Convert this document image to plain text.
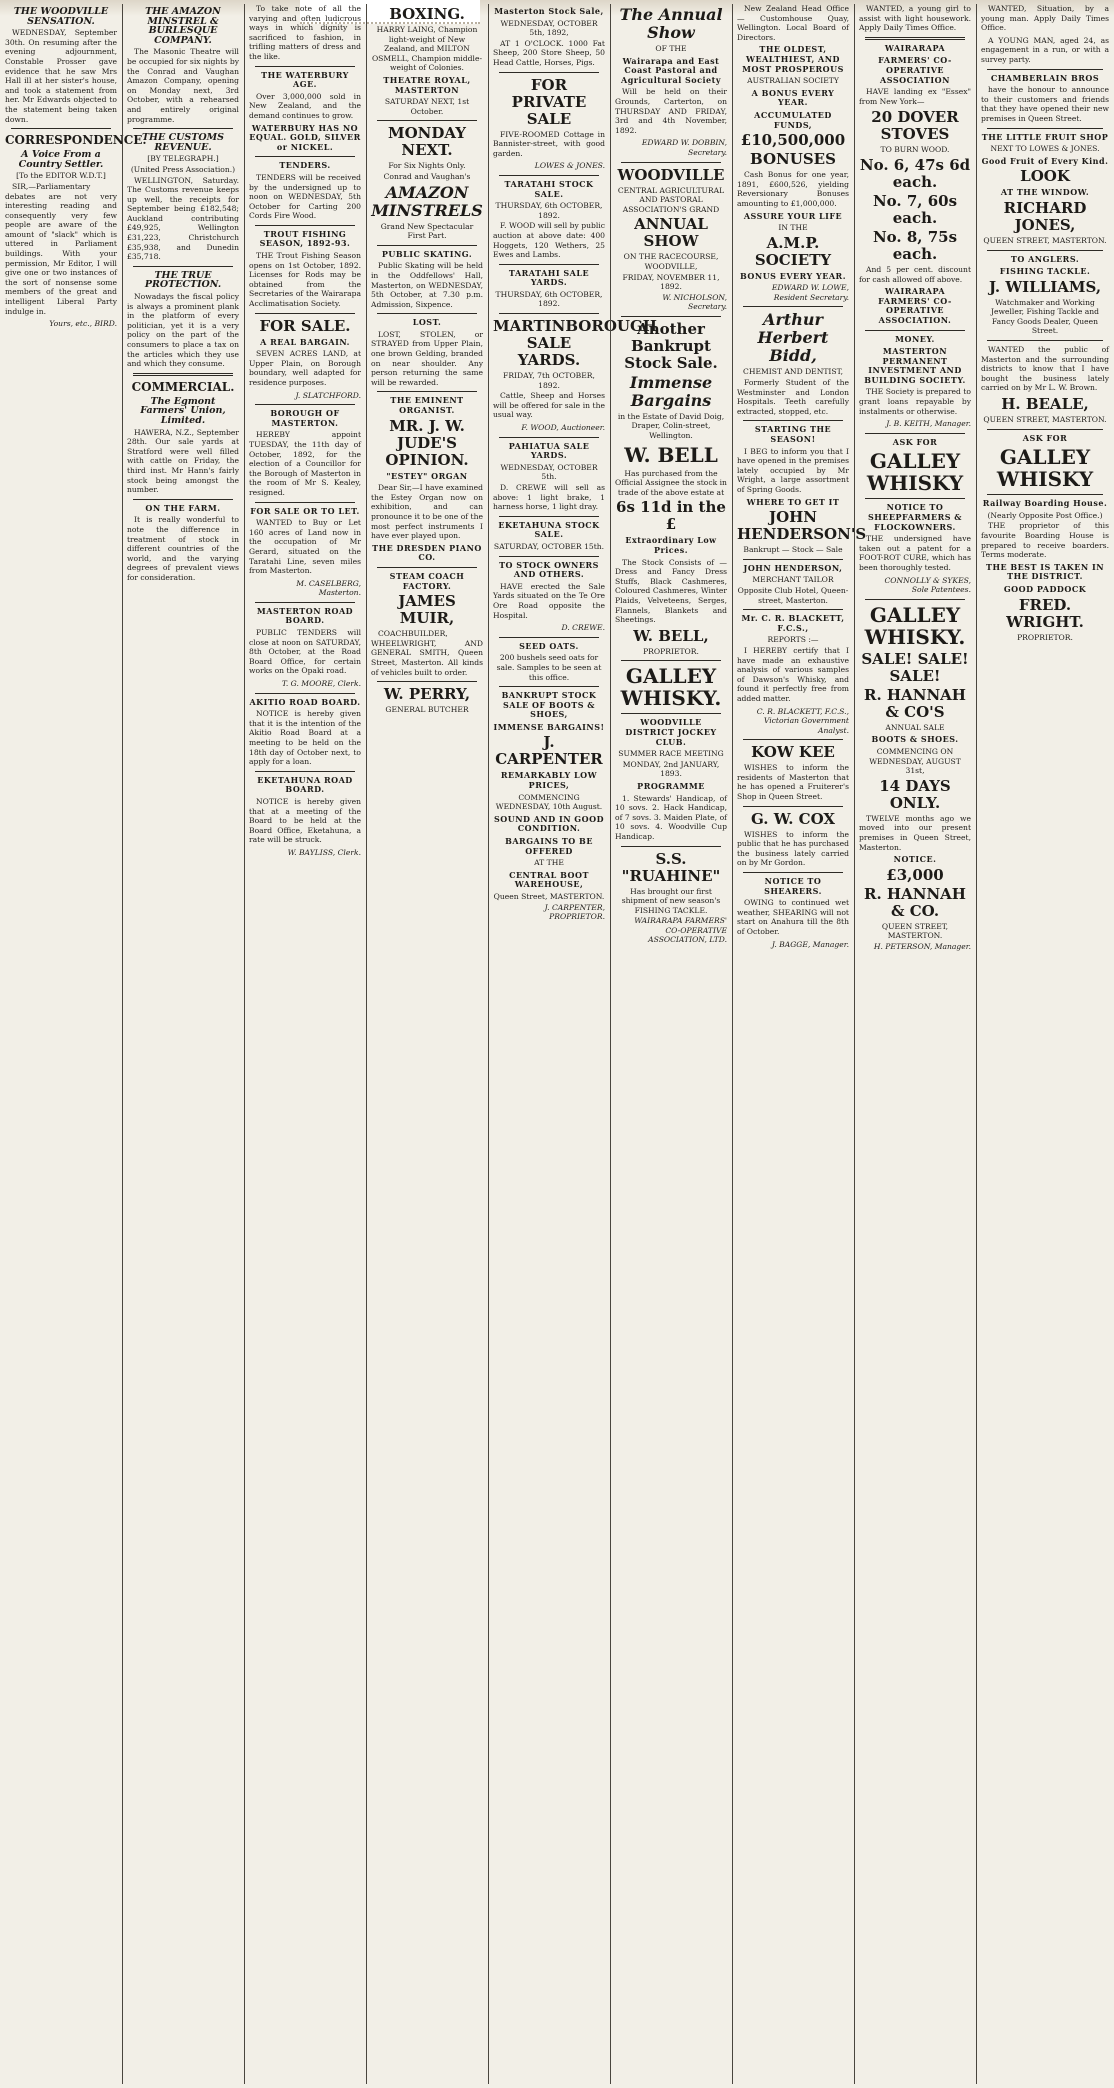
THE WOODVILLE SENSATION.

WEDNESDAY, September 30th. On resuming after the evening adjournment, Constable Prosser gave evidence that he saw Mrs Hall ill at her sister's house, and took a statement from her. Mr Edwards objected to the statement being taken down.

CORRESPONDENCE.
A Voice From a Country Settler.

[To the EDITOR W.D.T.]

SIR,—Parliamentary debates are not very interesting reading and consequently very few people are aware of the amount of "slack" which is uttered in Parliament buildings. With your permission, Mr Editor, I will give one or two instances of the sort of nonsense some members of the great and intelligent Liberal Party indulge in.

Yours, etc., BIRD.

THE AMAZON MINSTREL & BURLESQUE COMPANY.

The Masonic Theatre will be occupied for six nights by the Conrad and Vaughan Amazon Company, opening on Monday next, 3rd October, with a rehearsed and entirely original programme.

THE CUSTOMS REVENUE.

[BY TELEGRAPH.]

(United Press Association.)

WELLINGTON, Saturday. The Customs revenue keeps up well, the receipts for September being £182,548; Auckland contributing £49,925, Wellington £31,223, Christchurch £35,938, and Dunedin £35,718.

THE TRUE PROTECTION.

Nowadays the fiscal policy is always a prominent plank in the platform of every politician, yet it is a very policy on the part of the consumers to place a tax on the articles which they use and which they consume.

COMMERCIAL.
The Egmont Farmers' Union, Limited.

HAWERA, N.Z., September 28th. Our sale yards at Stratford were well filled with cattle on Friday, the third inst. Mr Hann's fairly stock being amongst the number.

ON THE FARM.

It is really wonderful to note the difference in treatment of stock in different countries of the world, and the varying degrees of prevalent views for consideration.

To take note of all the varying and often ludicrous ways in which dignity is sacrificed to fashion, in trifling matters of dress and the like.

THE WATERBURY AGE.

Over 3,000,000 sold in New Zealand, and the demand continues to grow.

WATERBURY HAS NO EQUAL. GOLD, SILVER or NICKEL.
TENDERS.

TENDERS will be received by the undersigned up to noon on WEDNESDAY, 5th October for Carting 200 Cords Fire Wood.

TROUT FISHING SEASON, 1892-93.

THE Trout Fishing Season opens on 1st October, 1892. Licenses for Rods may be obtained from the Secretaries of the Wairarapa Acclimatisation Society.

FOR SALE.

A REAL BARGAIN.

SEVEN ACRES LAND, at Upper Plain, on Borough boundary, well adapted for residence purposes.

J. SLATCHFORD.

BOROUGH OF MASTERTON.

HEREBY appoint TUESDAY, the 11th day of October, 1892, for the election of a Councillor for the Borough of Masterton in the room of Mr S. Kealey, resigned.

FOR SALE OR TO LET.

WANTED to Buy or Let 160 acres of Land now in the occupation of Mr Gerard, situated on the Taratahi Line, seven miles from Masterton.

M. CASELBERG, Masterton.

MASTERTON ROAD BOARD.

PUBLIC TENDERS will close at noon on SATURDAY, 8th October, at the Road Board Office, for certain works on the Opaki road.

T. G. MOORE, Clerk.

AKITIO ROAD BOARD.

NOTICE is hereby given that it is the intention of the Akitio Road Board at a meeting to be held on the 18th day of October next, to apply for a loan.

EKETAHUNA ROAD BOARD.

NOTICE is hereby given that at a meeting of the Board to be held at the Board Office, Eketahuna, a rate will be struck.

W. BAYLISS, Clerk.

BOXING.

HARRY LAING, Champion light-weight of New Zealand, and MILTON OSMELL, Champion middle-weight of Colonies.

THEATRE ROYAL, MASTERTON

SATURDAY NEXT, 1st October.

MONDAY NEXT.

For Six Nights Only.

Conrad and Vaughan's

AMAZON MINSTRELS

Grand New Spectacular First Part.

PUBLIC SKATING.

Public Skating will be held in the Oddfellows' Hall, Masterton, on WEDNESDAY, 5th October, at 7.30 p.m. Admission, Sixpence.

LOST.

LOST, STOLEN, or STRAYED from Upper Plain, one brown Gelding, branded on near shoulder. Any person returning the same will be rewarded.

THE EMINENT ORGANIST.

MR. J. W. JUDE'S OPINION.

"ESTEY" ORGAN

Dear Sir,—I have examined the Estey Organ now on exhibition, and can pronounce it to be one of the most perfect instruments I have ever played upon.

THE DRESDEN PIANO CO.
STEAM COACH FACTORY.

JAMES MUIR,

COACHBUILDER, WHEELWRIGHT, AND GENERAL SMITH, Queen Street, Masterton. All kinds of vehicles built to order.

W. PERRY,

GENERAL BUTCHER

Masterton Stock Sale,

WEDNESDAY, OCTOBER 5th, 1892,

AT 1 O'CLOCK. 1000 Fat Sheep, 200 Store Sheep, 50 Head Cattle, Horses, Pigs.

FOR PRIVATE SALE

FIVE-ROOMED Cottage in Bannister-street, with good garden.

LOWES & JONES.

TARATAHI STOCK SALE.

THURSDAY, 6th OCTOBER, 1892.

F. WOOD will sell by public auction at above date: 400 Hoggets, 120 Wethers, 25 Ewes and Lambs.

TARATAHI SALE YARDS.

THURSDAY, 6th OCTOBER, 1892.

MARTINBOROUGH SALE YARDS.

FRIDAY, 7th OCTOBER, 1892.

Cattle, Sheep and Horses will be offered for sale in the usual way.

F. WOOD, Auctioneer.

PAHIATUA SALE YARDS.

WEDNESDAY, OCTOBER 5th.

D. CREWE will sell as above: 1 light brake, 1 harness horse, 1 light dray.

EKETAHUNA STOCK SALE.

SATURDAY, OCTOBER 15th.

TO STOCK OWNERS AND OTHERS.

HAVE erected the Sale Yards situated on the Te Ore Ore Road opposite the Hospital.

D. CREWE.

SEED OATS.

200 bushels seed oats for sale. Samples to be seen at this office.

BANKRUPT STOCK SALE OF BOOTS & SHOES,
IMMENSE BARGAINS!

J. CARPENTER

REMARKABLY LOW PRICES,

COMMENCING WEDNESDAY, 10th August.

SOUND AND IN GOOD CONDITION.
BARGAINS TO BE OFFERED

AT THE

CENTRAL BOOT WAREHOUSE,

Queen Street, MASTERTON.

J. CARPENTER, PROPRIETOR.

The Annual Show

OF THE

Wairarapa and East Coast Pastoral and Agricultural Society

Will be held on their Grounds, Carterton, on THURSDAY AND FRIDAY, 3rd and 4th November, 1892.

EDWARD W. DOBBIN, Secretary.

WOODVILLE

CENTRAL AGRICULTURAL AND PASTORAL ASSOCIATION'S GRAND

ANNUAL SHOW

ON THE RACECOURSE, WOODVILLE,

FRIDAY, NOVEMBER 11, 1892.

W. NICHOLSON, Secretary.

Another Bankrupt Stock Sale.

Immense Bargains

in the Estate of David Doig, Draper, Colin-street, Wellington.

W. BELL

Has purchased from the Official Assignee the stock in trade of the above estate at

6s 11d in the £

Extraordinary Low Prices.

The Stock Consists of — Dress and Fancy Dress Stuffs, Black Cashmeres, Coloured Cashmeres, Winter Plaids, Velveteens, Serges, Flannels, Blankets and Sheetings.

W. BELL,

PROPRIETOR.

GALLEY WHISKY.

WOODVILLE DISTRICT JOCKEY CLUB.

SUMMER RACE MEETING

MONDAY, 2nd JANUARY, 1893.

PROGRAMME

1. Stewards' Handicap, of 10 sovs. 2. Hack Handicap, of 7 sovs. 3. Maiden Plate, of 10 sovs. 4. Woodville Cup Handicap.

S.S. "RUAHINE"

Has brought our first shipment of new season's FISHING TACKLE.

WAIRARAPA FARMERS' CO-OPERATIVE ASSOCIATION, LTD.

New Zealand Head Office — Customhouse Quay, Wellington. Local Board of Directors.

THE OLDEST, WEALTHIEST, AND MOST PROSPEROUS

AUSTRALIAN SOCIETY

A BONUS EVERY YEAR.
ACCUMULATED FUNDS,

£10,500,000

BONUSES

Cash Bonus for one year, 1891, £600,526, yielding Reversionary Bonuses amounting to £1,000,000.

ASSURE YOUR LIFE

IN THE

A.M.P. SOCIETY

BONUS EVERY YEAR.

EDWARD W. LOWE, Resident Secretary.

Arthur Herbert Bidd,

CHEMIST AND DENTIST,

Formerly Student of the Westminster and London Hospitals. Teeth carefully extracted, stopped, etc.

STARTING THE SEASON!

I BEG to inform you that I have opened in the premises lately occupied by Mr Wright, a large assortment of Spring Goods.

WHERE TO GET IT

JOHN HENDERSON'S

Bankrupt — Stock — Sale

JOHN HENDERSON,

MERCHANT TAILOR

Opposite Club Hotel, Queen-street, Masterton.

Mr. C. R. BLACKETT, F.C.S.,

REPORTS :—

I HEREBY certify that I have made an exhaustive analysis of various samples of Dawson's Whisky, and found it perfectly free from added matter.

C. R. BLACKETT, F.C.S., Victorian Government Analyst.

KOW KEE

WISHES to inform the residents of Masterton that he has opened a Fruiterer's Shop in Queen Street.

G. W. COX

WISHES to inform the public that he has purchased the business lately carried on by Mr Gordon.

NOTICE TO SHEARERS.

OWING to continued wet weather, SHEARING will not start on Anahura till the 8th of October.

J. BAGGE, Manager.

WANTED, a young girl to assist with light housework. Apply Daily Times Office.

WAIRARAPA
FARMERS' CO-OPERATIVE ASSOCIATION

HAVE landing ex "Essex" from New York—

20 DOVER STOVES

TO BURN WOOD.

No. 6, 47s 6d each.

No. 7, 60s each.

No. 8, 75s each.

And 5 per cent. discount for cash allowed off above.

WAIRARAPA FARMERS' CO-OPERATIVE ASSOCIATION.
MONEY.
MASTERTON PERMANENT INVESTMENT AND BUILDING SOCIETY.

THE Society is prepared to grant loans repayable by instalments or otherwise.

J. B. KEITH, Manager.

ASK FOR

GALLEY WHISKY

NOTICE TO SHEEPFARMERS & FLOCKOWNERS.

THE undersigned have taken out a patent for a FOOT-ROT CURE, which has been thoroughly tested.

CONNOLLY & SYKES, Sole Patentees.

GALLEY WHISKY.

SALE! SALE! SALE!

R. HANNAH & CO'S

ANNUAL SALE

BOOTS & SHOES.

COMMENCING ON WEDNESDAY, AUGUST 31st,

14 DAYS ONLY.

TWELVE months ago we moved into our present premises in Queen Street, Masterton.

NOTICE.

£3,000

R. HANNAH & CO.

QUEEN STREET, MASTERTON.

H. PETERSON, Manager.

WANTED, Situation, by a young man. Apply Daily Times Office.

A YOUNG MAN, aged 24, as engagement in a run, or with a survey party.

CHAMBERLAIN BROS

have the honour to announce to their customers and friends that they have opened their new premises in Queen Street.

THE LITTLE FRUIT SHOP

NEXT TO LOWES & JONES.

Good Fruit of Every Kind.

LOOK

AT THE WINDOW.

RICHARD JONES,

QUEEN STREET, MASTERTON.

TO ANGLERS.
FISHING TACKLE.

J. WILLIAMS,

Watchmaker and Working Jeweller, Fishing Tackle and Fancy Goods Dealer, Queen Street.

WANTED the public of Masterton and the surrounding districts to know that I have bought the business lately carried on by Mr L. W. Brown.

H. BEALE,

QUEEN STREET, MASTERTON.

ASK FOR

GALLEY WHISKY

Railway Boarding House.

(Nearly Opposite Post Office.)

THE proprietor of this favourite Boarding House is prepared to receive boarders. Terms moderate.

THE BEST IS TAKEN IN THE DISTRICT.
GOOD PADDOCK

FRED. WRIGHT.

PROPRIETOR.
